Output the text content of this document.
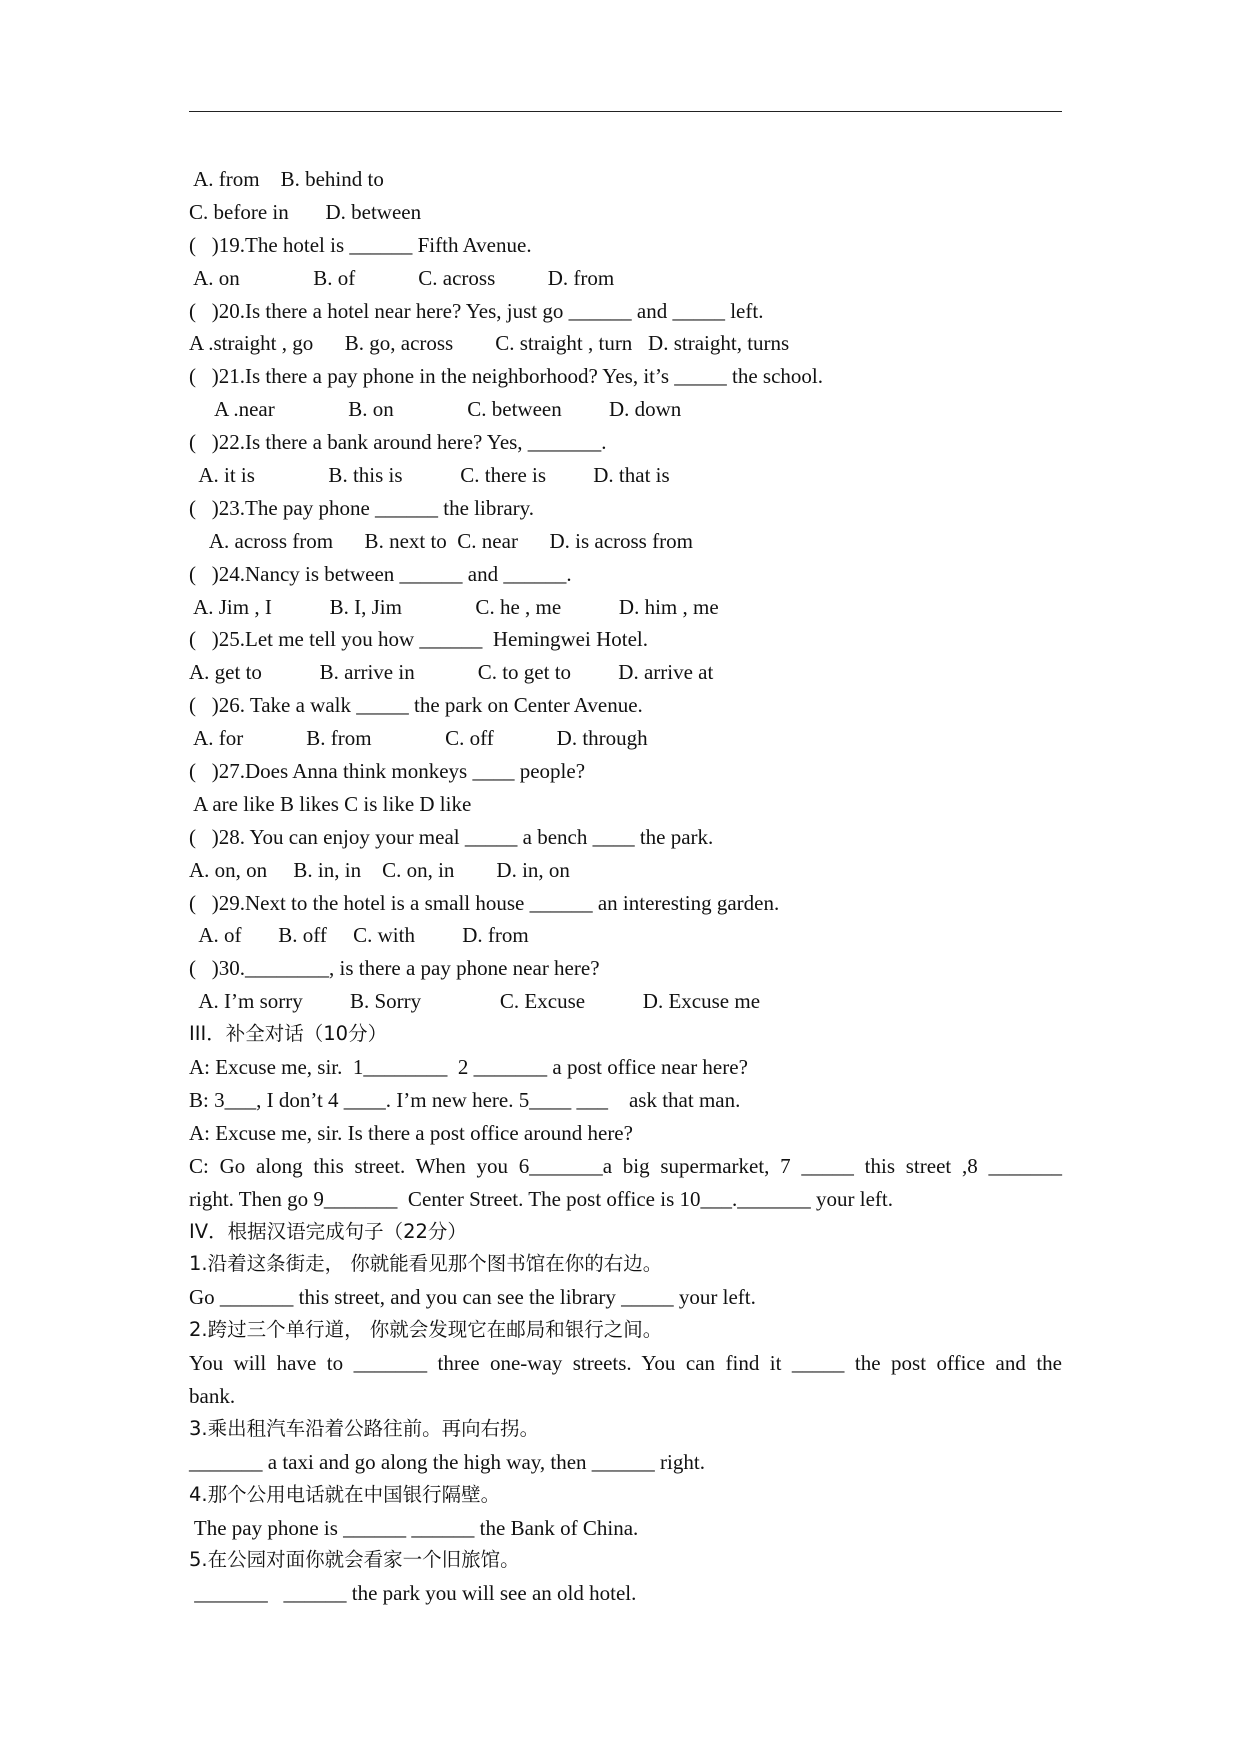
A. from    B. behind to

C. before in       D. between

(   )19.The hotel is ______ Fifth Avenue.

A. on              B. of            C. across          D. from

(   )20.Is there a hotel near here? Yes, just go ______ and _____ left.

A .straight , go      B. go, across        C. straight , turn   D. straight, turns

(   )21.Is there a pay phone in the neighborhood? Yes, it’s _____ the school.

A .near              B. on              C. between         D. down

(   )22.Is there a bank around here? Yes, _______.

A. it is              B. this is           C. there is         D. that is

(   )23.The pay phone ______ the library.

A. across from      B. next to  C. near      D. is across from

(   )24.Nancy is between ______ and ______.

A. Jim , I           B. I, Jim              C. he , me           D. him , me

(   )25.Let me tell you how ______  Hemingwei Hotel.

A. get to           B. arrive in            C. to get to         D. arrive at

(   )26. Take a walk _____ the park on Center Avenue.

A. for            B. from              C. off            D. through

(   )27.Does Anna think monkeys ____ people?

A are like B likes C is like D like

(   )28. You can enjoy your meal _____ a bench ____ the park.

A. on, on     B. in, in    C. on, in        D. in, on

(   )29.Next to the hotel is a small house ______ an interesting garden.

A. of       B. off     C. with         D. from

(   )30.________, is there a pay phone near here?

A. I’m sorry         B. Sorry               C. Excuse           D. Excuse me

III．补全对话（10分）

A: Excuse me, sir.  1________  2 _______ a post office near here?

B: 3___, I don’t 4 ____. I’m new here. 5____ ___    ask that man.

A: Excuse me, sir. Is there a post office around here?

C: Go along this street. When you 6_______a big supermarket, 7 _____ this street ,8 _______

right. Then go 9_______  Center Street. The post office is 10___._______ your left.

IV．根据汉语完成句子（22分）

1.沿着这条街走， 你就能看见那个图书馆在你的右边。

Go _______ this street, and you can see the library _____ your left.

2.跨过三个单行道， 你就会发现它在邮局和银行之间。

You will have to _______ three one-way streets. You can find it _____ the post office and the

bank.

3.乘出租汽车沿着公路往前。再向右拐。

_______ a taxi and go along the high way, then ______ right.

4.那个公用电话就在中国银行隔壁。

The pay phone is ______ ______ the Bank of China.

5.在公园对面你就会看家一个旧旅馆。

_______   ______ the park you will see an old hotel.
